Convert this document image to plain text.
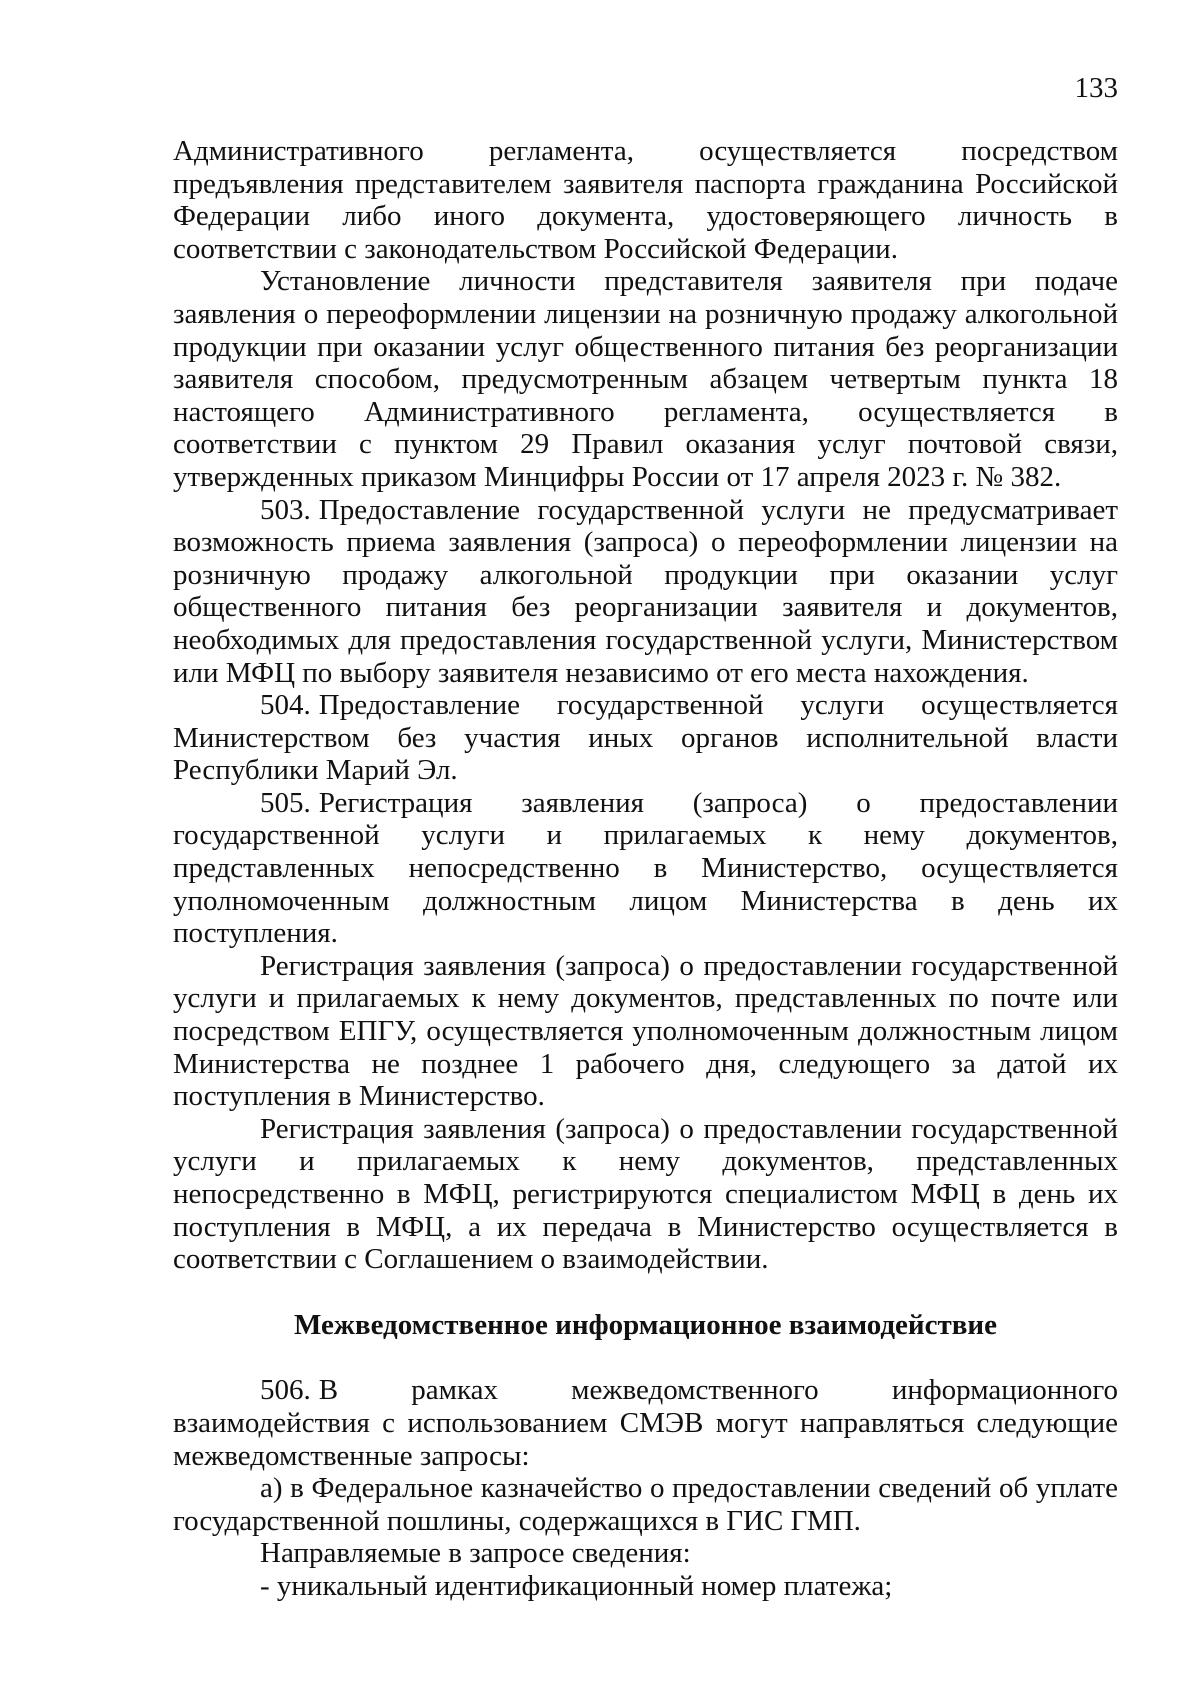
133

Административного регламента, осуществляется посредством предъявления представителем заявителя паспорта гражданина Российской Федерации либо иного документа, удостоверяющего личность в соответствии с законодательством Российской Федерации.

Установление личности представителя заявителя при подаче заявления о переоформлении лицензии на розничную продажу алкогольной продукции при оказании услуг общественного питания без реорганизации заявителя способом, предусмотренным абзацем четвертым пункта 18 настоящего Административного регламента, осуществляется в соответствии с пунктом 29 Правил оказания услуг почтовой связи, утвержденных приказом Минцифры России от 17 апреля 2023 г. № 382.

503. Предоставление государственной услуги не предусматривает возможность приема заявления (запроса) о переоформлении лицензии на розничную продажу алкогольной продукции при оказании услуг общественного питания без реорганизации заявителя и документов, необходимых для предоставления государственной услуги, Министерством или МФЦ по выбору заявителя независимо от его места нахождения.

504. Предоставление государственной услуги осуществляется Министерством без участия иных органов исполнительной власти Республики Марий Эл.

505. Регистрация заявления (запроса) о предоставлении государственной услуги и прилагаемых к нему документов, представленных непосредственно в Министерство, осуществляется уполномоченным должностным лицом Министерства в день их поступления.

Регистрация заявления (запроса) о предоставлении государственной услуги и прилагаемых к нему документов, представленных по почте или посредством ЕПГУ, осуществляется уполномоченным должностным лицом Министерства не позднее 1 рабочего дня, следующего за датой их поступления в Министерство.

Регистрация заявления (запроса) о предоставлении государственной услуги и прилагаемых к нему документов, представленных непосредственно в МФЦ, регистрируются специалистом МФЦ в день их поступления в МФЦ, а их передача в Министерство осуществляется в соответствии с Соглашением о взаимодействии.

Межведомственное информационное взаимодействие

506. В рамках межведомственного информационного взаимодействия с использованием СМЭВ могут направляться следующие межведомственные запросы:

а) в Федеральное казначейство о предоставлении сведений об уплате государственной пошлины, содержащихся в ГИС ГМП.

Направляемые в запросе сведения:

- уникальный идентификационный номер платежа;
